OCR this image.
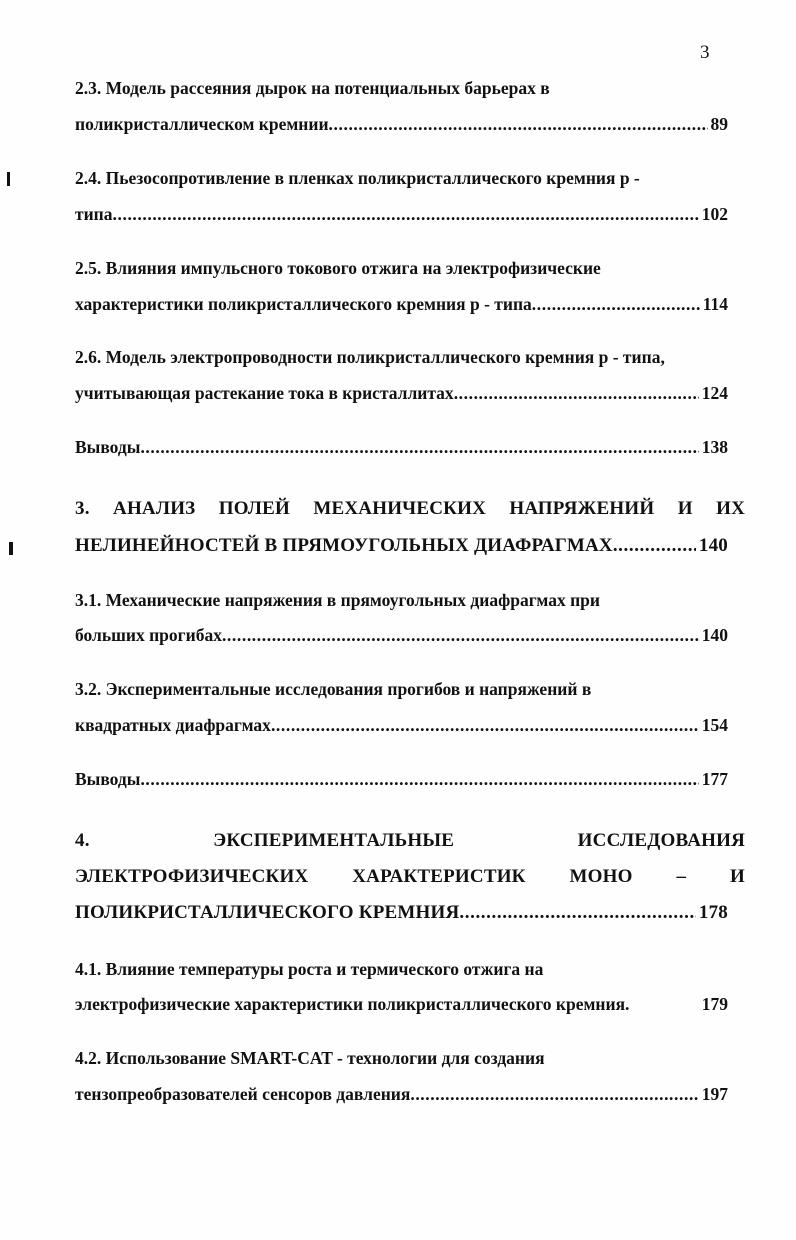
3
2.3. Модель рассеяния дырок на потенциальных барьерах в
поликристаллическом кремнии .....	89
2.4. Пьезосопротивление в пленках поликристаллического кремния р -
типа .....	102
2.5. Влияния импульсного токового отжига на электрофизические
характеристики поликристаллического кремния р - типа .....	114
2.6. Модель электропроводности поликристаллического кремния р - типа,
учитывающая растекание тока в кристаллитах .....	124
Выводы .....	138
3. АНАЛИЗ ПОЛЕЙ МЕХАНИЧЕСКИХ НАПРЯЖЕНИЙ И ИХ
НЕЛИНЕЙНОСТЕЙ В ПРЯМОУГОЛЬНЫХ ДИАФРАГМАХ .....	140
3.1. Механические напряжения в прямоугольных диафрагмах при
больших прогибах .....	140
3.2. Экспериментальные исследования прогибов и напряжений в
квадратных диафрагмах .....	154
Выводы .....	177
4. ЭКСПЕРИМЕНТАЛЬНЫЕ ИССЛЕДОВАНИЯ
ЭЛЕКТРОФИЗИЧЕСКИХ ХАРАКТЕРИСТИК МОНО – И
ПОЛИКРИСТАЛЛИЧЕСКОГО КРЕМНИЯ .....	178
4.1. Влияние температуры роста и термического отжига на
электрофизические характеристики поликристаллического кремния.	179
4.2. Использование SMART-CAT - технологии для создания
тензопреобразователей сенсоров давления .....	197
